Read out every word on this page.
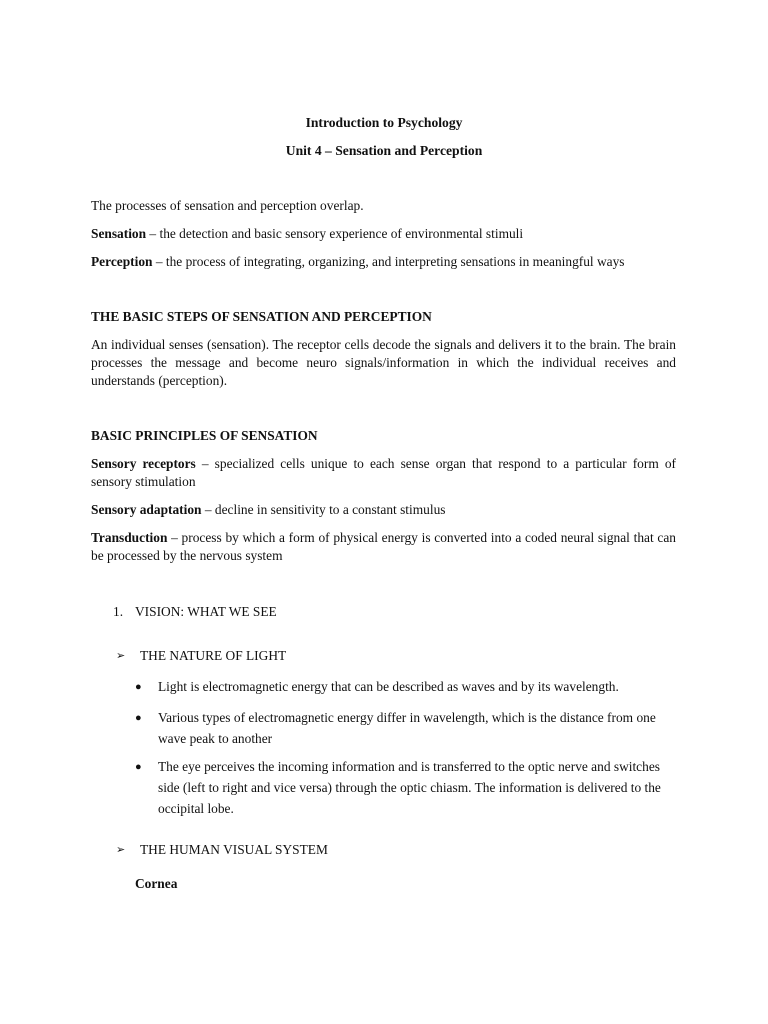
Introduction to Psychology

Unit 4 – Sensation and Perception

The processes of sensation and perception overlap.

Sensation – the detection and basic sensory experience of environmental stimuli

Perception – the process of integrating, organizing, and interpreting sensations in meaningful ways

THE BASIC STEPS OF SENSATION AND PERCEPTION

An individual senses (sensation). The receptor cells decode the signals and delivers it to the brain. The brain processes the message and become neuro signals/information in which the individual receives and understands (perception).

BASIC PRINCIPLES OF SENSATION

Sensory receptors – specialized cells unique to each sense organ that respond to a particular form of sensory stimulation

Sensory adaptation – decline in sensitivity to a constant stimulus

Transduction – process by which a form of physical energy is converted into a coded neural signal that can be processed by the nervous system

1. VISION: WHAT WE SEE

➢ THE NATURE OF LIGHT

● Light is electromagnetic energy that can be described as waves and by its wavelength.

● Various types of electromagnetic energy differ in wavelength, which is the distance from one wave peak to another

● The eye perceives the incoming information and is transferred to the optic nerve and switches side (left to right and vice versa) through the optic chiasm. The information is delivered to the occipital lobe.

➢ THE HUMAN VISUAL SYSTEM

Cornea
